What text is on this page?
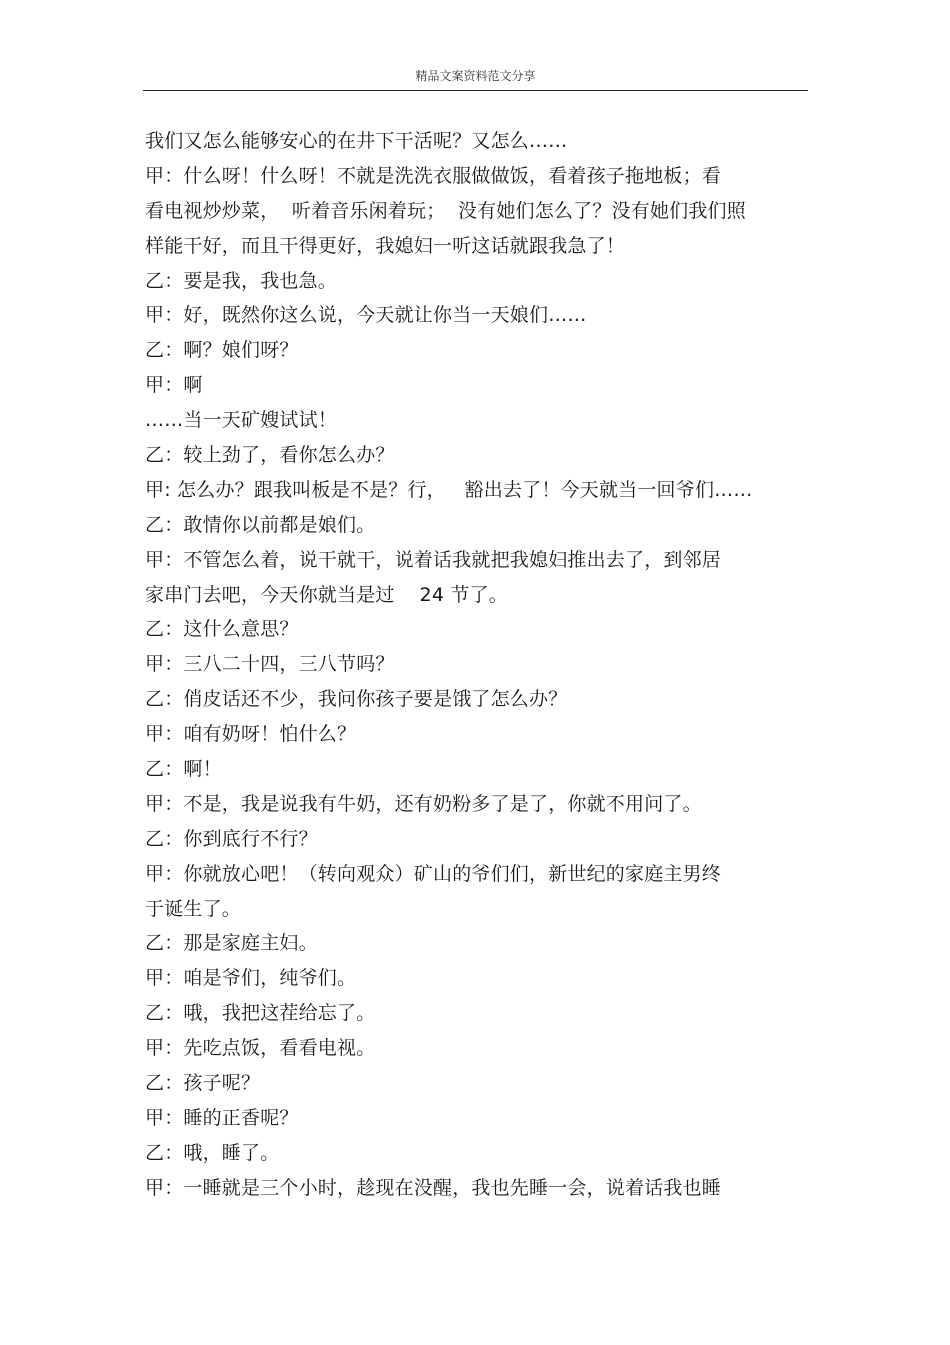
精品文案资料范文分享
我们又怎么能够安心的在井下干活呢？又怎么……
甲：什么呀！什么呀！不就是洗洗衣服做做饭，看着孩子拖地板；看
看电视炒炒菜，  听着音乐闲着玩；  没有她们怎么了？没有她们我们照
样能干好，而且干得更好，我媳妇一听这话就跟我急了！
乙：要是我，我也急。
甲：好，既然你这么说，今天就让你当一天娘们……
乙：啊？娘们呀？
甲：啊
……当一天矿嫂试试！
乙：较上劲了，看你怎么办？
甲: 怎么办？跟我叫板是不是？行，   豁出去了！今天就当一回爷们……
乙：敢情你以前都是娘们。
甲：不管怎么着，说干就干，说着话我就把我媳妇推出去了，到邻居
家串门去吧，今天你就当是过    24 节了。
乙：这什么意思？
甲：三八二十四，三八节吗？
乙：俏皮话还不少，我问你孩子要是饿了怎么办？
甲：咱有奶呀！怕什么？
乙：啊！
甲：不是，我是说我有牛奶，还有奶粉多了是了，你就不用问了。
乙：你到底行不行？
甲：你就放心吧！（转向观众）矿山的爷们们，新世纪的家庭主男终
于诞生了。
乙：那是家庭主妇。
甲：咱是爷们，纯爷们。
乙：哦，我把这茬给忘了。
甲：先吃点饭，看看电视。
乙：孩子呢？
甲：睡的正香呢？
乙：哦，睡了。
甲：一睡就是三个小时，趁现在没醒，我也先睡一会，说着话我也睡
